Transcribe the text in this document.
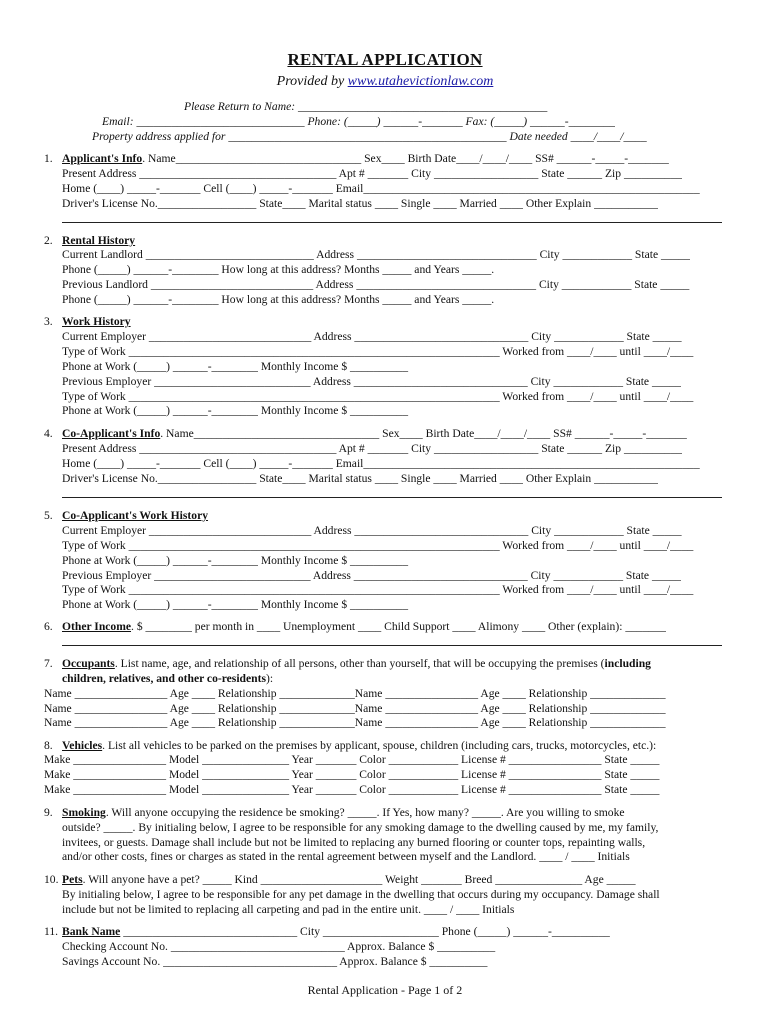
RENTAL APPLICATION
Provided by www.utahevictionlaw.com
Please Return to Name: ___________________________________________
Email: _____________________________ Phone: (_____) ______-_______ Fax: (_____) ______-________
Property address applied for ________________________________________________ Date needed ____/____/____
1. Applicant's Info. Name________________________________ Sex____ Birth Date____/____/____ SS# ______-_____-_______
Present Address __________________________________ Apt # _______ City __________________ State ______ Zip __________
Home (____) _____-_______ Cell (____) _____-_______ Email__________________________________________________________
Driver's License No._________________ State____ Marital status ____ Single ____ Married ____ Other Explain ___________
2. Rental History
Current Landlord _____________________________ Address _______________________________ City ____________ State _____
Phone (_____) ______-________ How long at this address? Months _____ and Years _____.
Previous Landlord ____________________________ Address _______________________________ City ____________ State _____
Phone (_____) ______-________ How long at this address? Months _____ and Years _____.
3. Work History
Current Employer ____________________________ Address ______________________________ City ____________ State _____
Type of Work ________________________________________________________________ Worked from ____/____ until ____/____
Phone at Work (_____) ______-________ Monthly Income $ __________
Previous Employer ___________________________ Address ______________________________ City ____________ State _____
Type of Work ________________________________________________________________ Worked from ____/____ until ____/____
Phone at Work (_____) ______-________ Monthly Income $ __________
4. Co-Applicant's Info. Name________________________________ Sex____ Birth Date____/____/____ SS# ______-_____-_______
Present Address __________________________________ Apt # _______ City __________________ State ______ Zip __________
Home (____) _____-_______ Cell (____) _____-_______ Email__________________________________________________________
Driver's License No._________________ State____ Marital status ____ Single ____ Married ____ Other Explain ___________
5. Co-Applicant's Work History
Current Employer ____________________________ Address ______________________________ City ____________ State _____
Type of Work ________________________________________________________________ Worked from ____/____ until ____/____
Phone at Work (_____) ______-________ Monthly Income $ __________
Previous Employer ___________________________ Address ______________________________ City ____________ State _____
Type of Work ________________________________________________________________ Worked from ____/____ until ____/____
Phone at Work (_____) ______-________ Monthly Income $ __________
6. Other Income. $ ________ per month in ____ Unemployment ____ Child Support ____ Alimony ____ Other (explain): _______
7. Occupants. List name, age, and relationship of all persons, other than yourself, that will be occupying the premises (including
children, relatives, and other co-residents):
Name ________________ Age ____ Relationship _____________Name ________________ Age ____ Relationship _____________
Name ________________ Age ____ Relationship _____________Name ________________ Age ____ Relationship _____________
Name ________________ Age ____ Relationship _____________Name ________________ Age ____ Relationship _____________
8. Vehicles. List all vehicles to be parked on the premises by applicant, spouse, children (including cars, trucks, motorcycles, etc.):
Make ________________ Model _______________ Year _______ Color ____________ License # ________________ State _____
Make ________________ Model _______________ Year _______ Color ____________ License # ________________ State _____
Make ________________ Model _______________ Year _______ Color ____________ License # ________________ State _____
9. Smoking. Will anyone occupying the residence be smoking? _____. If Yes, how many? _____. Are you willing to smoke
outside? _____. By initialing below, I agree to be responsible for any smoking damage to the dwelling caused by me, my family,
invitees, or guests. Damage shall include but not be limited to replacing any burned flooring or counter tops, repainting walls,
and/or other costs, fines or charges as stated in the rental agreement between myself and the Landlord. ____ / ____ Initials
10. Pets. Will anyone have a pet? _____ Kind _____________________ Weight _______ Breed _______________ Age _____
By initialing below, I agree to be responsible for any pet damage in the dwelling that occurs during my occupancy. Damage shall
include but not be limited to replacing all carpeting and pad in the entire unit. ____ / ____ Initials
11. Bank Name ______________________________ City ____________________ Phone (_____) ______-__________
Checking Account No. ______________________________ Approx. Balance $ __________
Savings Account No. ______________________________ Approx. Balance $ __________
Rental Application - Page 1 of 2
